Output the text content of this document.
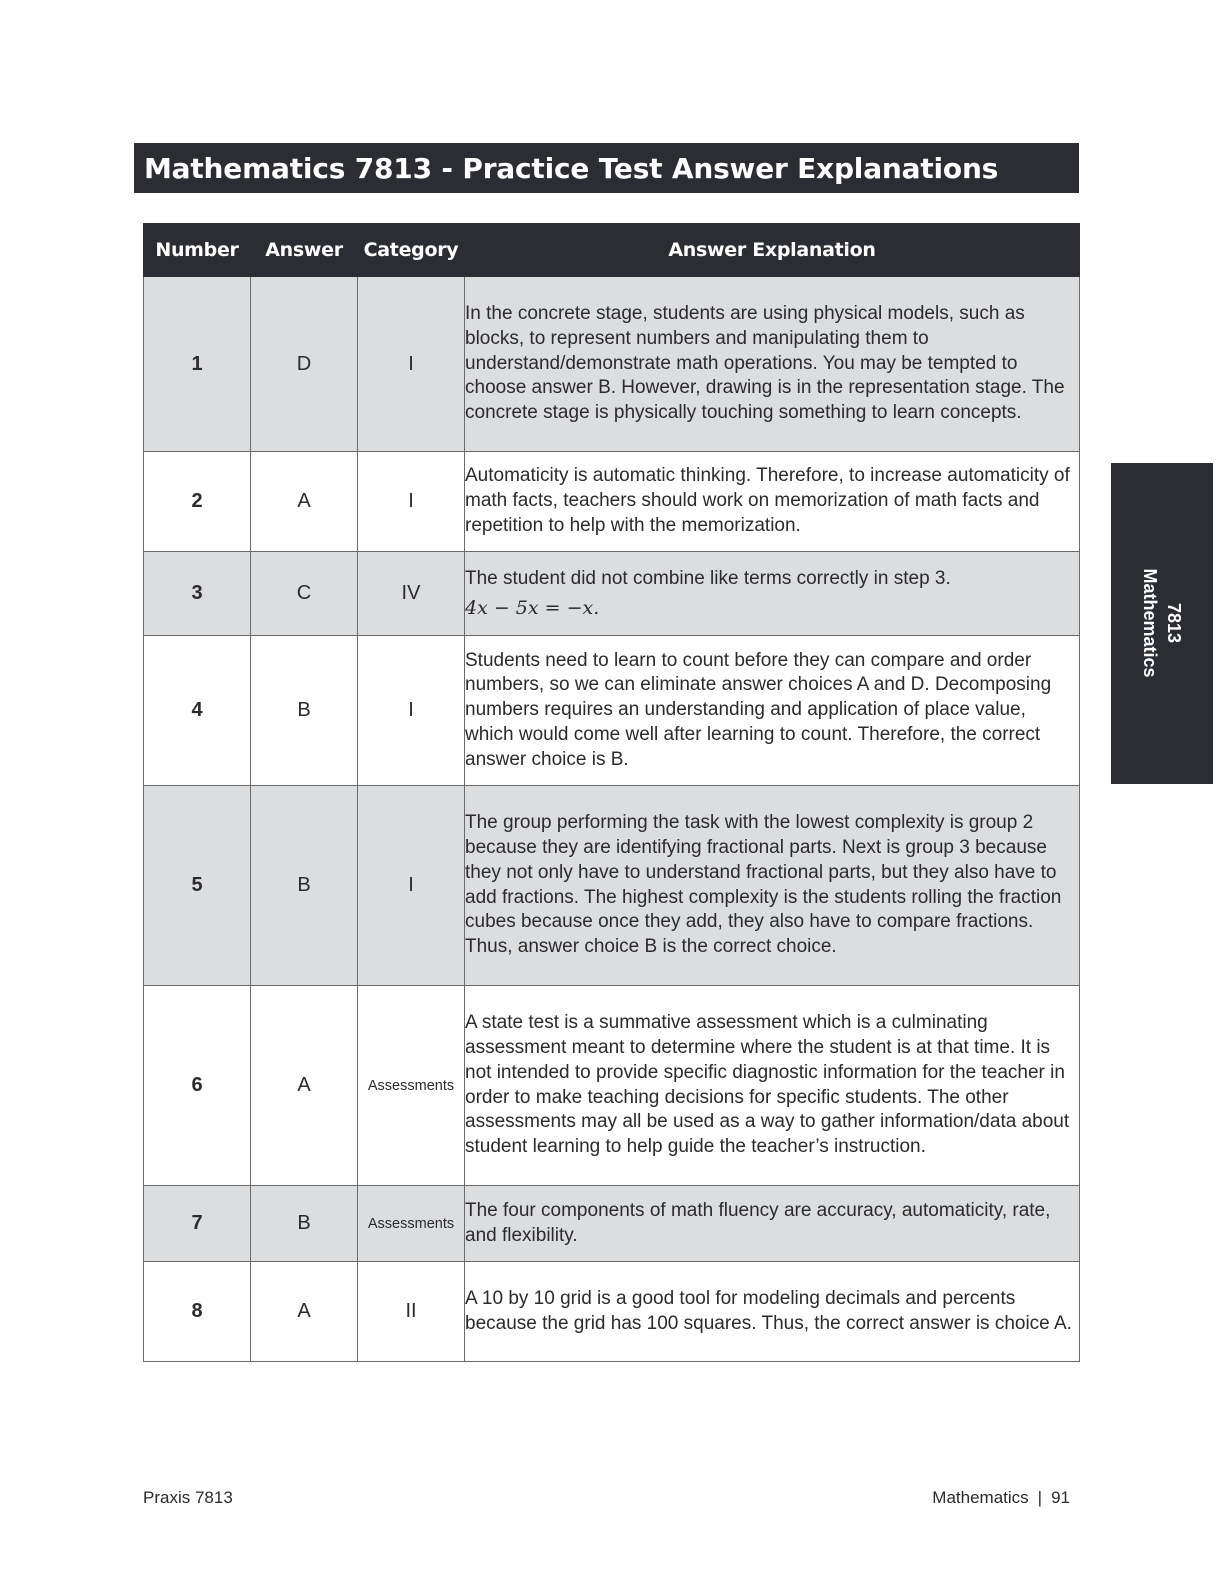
Mathematics 7813 - Practice Test Answer Explanations
Number	Answer	Category	Answer Explanation
1	D	I	In the concrete stage, students are using physical models, such as blocks, to represent numbers and manipulating them to understand/demonstrate math operations. You may be tempted to choose answer B. However, drawing is in the representation stage. The concrete stage is physically touching something to learn concepts.
2	A	I	Automaticity is automatic thinking. Therefore, to increase automaticity of math facts, teachers should work on memorization of math facts and repetition to help with the memorization.
3	C	IV	The student did not combine like terms correctly in step 3.
4x − 5x = −x.

4	B	I	Students need to learn to count before they can compare and order numbers, so we can eliminate answer choices A and D. Decomposing numbers requires an understanding and application of place value, which would come well after learning to count. Therefore, the correct answer choice is B.
5	B	I	The group performing the task with the lowest complexity is group 2 because they are identifying fractional parts. Next is group 3 because they not only have to understand fractional parts, but they also have to add fractions. The highest complexity is the students rolling the fraction cubes because once they add, they also have to compare fractions. Thus, answer choice B is the correct choice.
6	A	Assessments	A state test is a summative assessment which is a culminating assessment meant to determine where the student is at that time. It is not intended to provide specific diagnostic information for the teacher in order to make teaching decisions for specific students. The other assessments may all be used as a way to gather information/data about student learning to help guide the teacher’s instruction.
7	B	Assessments	The four components of math fluency are accuracy, automaticity, rate, and flexibility.
8	A	II	A 10 by 10 grid is a good tool for modeling decimals and percents because the grid has 100 squares. Thus, the correct answer is choice A.
7813
Mathematics
Praxis 7813	Mathematics | 91
